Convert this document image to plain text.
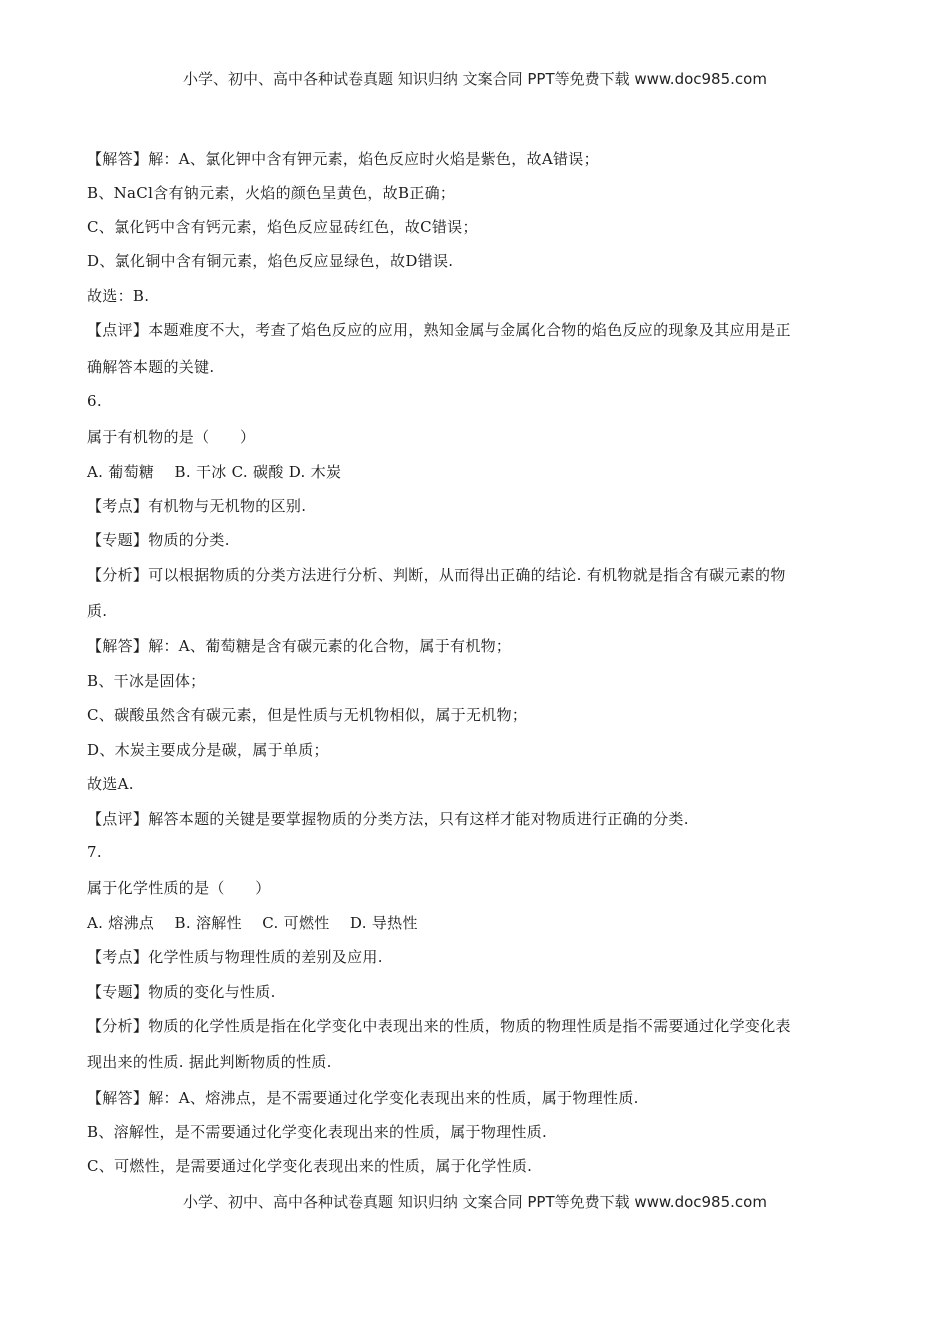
小学、初中、高中各种试卷真题 知识归纳 文案合同 PPT等免费下载 www.doc985.com
【解答】解：A、氯化钾中含有钾元素，焰色反应时火焰是紫色，故A错误；
B、NaCl含有钠元素，火焰的颜色呈黄色，故B正确；
C、氯化钙中含有钙元素，焰色反应显砖红色，故C错误；
D、氯化铜中含有铜元素，焰色反应显绿色，故D错误.
故选：B.
【点评】本题难度不大，考查了焰色反应的应用，熟知金属与金属化合物的焰色反应的现象及其应用是正
确解答本题的关键.
6.
属于有机物的是（　　）
A. 葡萄糖　 B. 干冰 C. 碳酸 D. 木炭
【考点】有机物与无机物的区别.
【专题】物质的分类.
【分析】可以根据物质的分类方法进行分析、判断，从而得出正确的结论. 有机物就是指含有碳元素的物
质.
【解答】解：A、葡萄糖是含有碳元素的化合物，属于有机物；
B、干冰是固体；
C、碳酸虽然含有碳元素，但是性质与无机物相似，属于无机物；
D、木炭主要成分是碳，属于单质；
故选A.
【点评】解答本题的关键是要掌握物质的分类方法，只有这样才能对物质进行正确的分类.
7.
属于化学性质的是（　　）
A. 熔沸点　 B. 溶解性　 C. 可燃性　 D. 导热性
【考点】化学性质与物理性质的差别及应用.
【专题】物质的变化与性质.
【分析】物质的化学性质是指在化学变化中表现出来的性质，物质的物理性质是指不需要通过化学变化表
现出来的性质. 据此判断物质的性质.
【解答】解：A、熔沸点，是不需要通过化学变化表现出来的性质，属于物理性质.
B、溶解性，是不需要通过化学变化表现出来的性质，属于物理性质.
C、可燃性，是需要通过化学变化表现出来的性质，属于化学性质.
小学、初中、高中各种试卷真题 知识归纳 文案合同 PPT等免费下载 www.doc985.com
